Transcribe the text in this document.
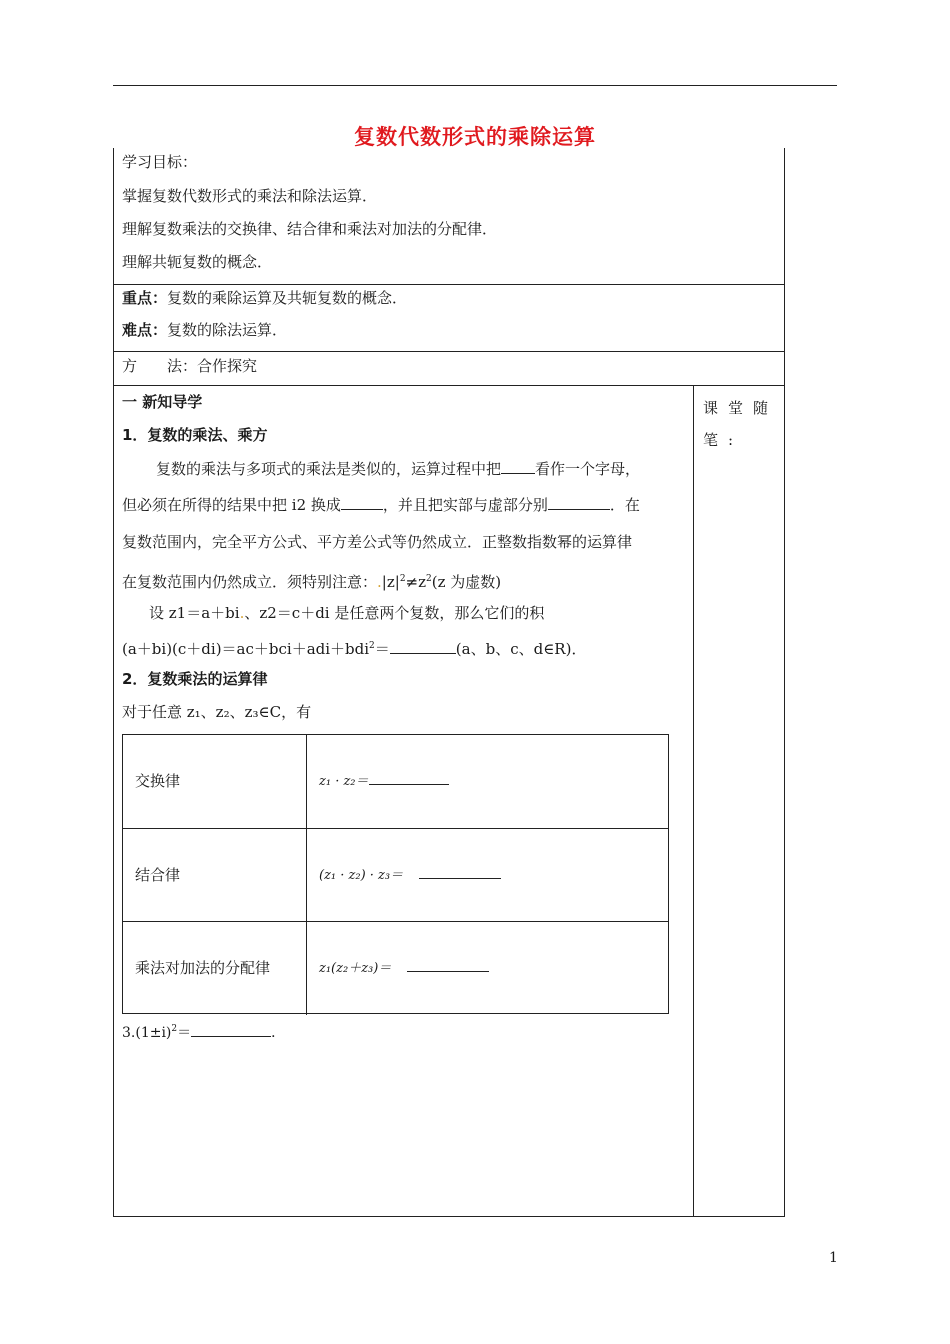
复数代数形式的乘除运算
学习目标：
掌握复数代数形式的乘法和除法运算．
理解复数乘法的交换律、结合律和乘法对加法的分配律．
理解共轭复数的概念．
重点：复数的乘除运算及共轭复数的概念．
难点：复数的除法运算．
方　　法：合作探究
课堂随笔:
一 新知导学
1．复数的乘法、乘方
复数的乘法与多项式的乘法是类似的，运算过程中把 看作一个字母，
但必须在所得的结果中把 i2 换成	，并且把实部与虚部分别	．在
复数范围内，完全平方公式、平方差公式等仍然成立．正整数指数幂的运算律
在复数范围内仍然成立．须特别注意：$.|z|^2\ne z^2(z$ 为虚数)
设 z1＝a＋bi.、z2＝c＋di 是任意两个复数，那么它们的积
(a＋bi)(c＋di)＝ac＋bci＋adi＋bdi$^2$＝	(a、b、c、d∈R)．
2．复数乘法的运算律
对于任意 z₁、z₂、z₃∈C，有
交换律	z₁ · z₂＝
结合律	(z₁ · z₂) · z₃＝
乘法对加法的分配律	z₁(z₂＋z₃)＝
$3.(1\pm i)^2=$	．
1
